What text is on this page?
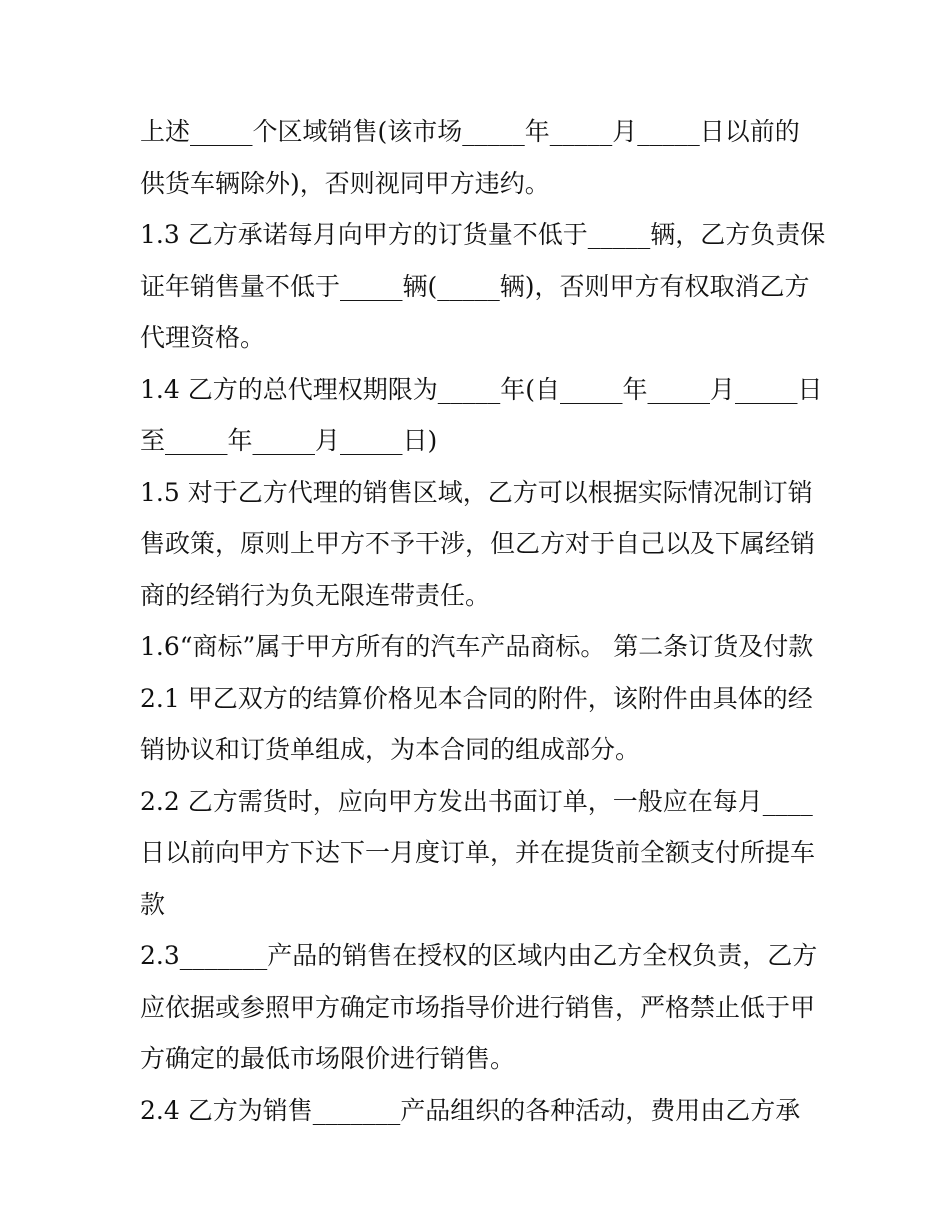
上述_____个区域销售(该市场_____年_____月_____日以前的
供货车辆除外)，否则视同甲方违约。
1.3 乙方承诺每月向甲方的订货量不低于_____辆，乙方负责保
证年销售量不低于_____辆(_____辆)，否则甲方有权取消乙方
代理资格。
1.4 乙方的总代理权期限为_____年(自_____年_____月_____日
至_____年_____月_____日)
1.5 对于乙方代理的销售区域，乙方可以根据实际情况制订销
售政策，原则上甲方不予干涉，但乙方对于自己以及下属经销
商的经销行为负无限连带责任。
1.6“商标”属于甲方所有的汽车产品商标。 第二条订货及付款
2.1 甲乙双方的结算价格见本合同的附件，该附件由具体的经
销协议和订货单组成，为本合同的组成部分。
2.2 乙方需货时，应向甲方发出书面订单，一般应在每月____
日以前向甲方下达下一月度订单，并在提货前全额支付所提车
款
2.3_______产品的销售在授权的区域内由乙方全权负责，乙方
应依据或参照甲方确定市场指导价进行销售，严格禁止低于甲
方确定的最低市场限价进行销售。
2.4 乙方为销售_______产品组织的各种活动，费用由乙方承
